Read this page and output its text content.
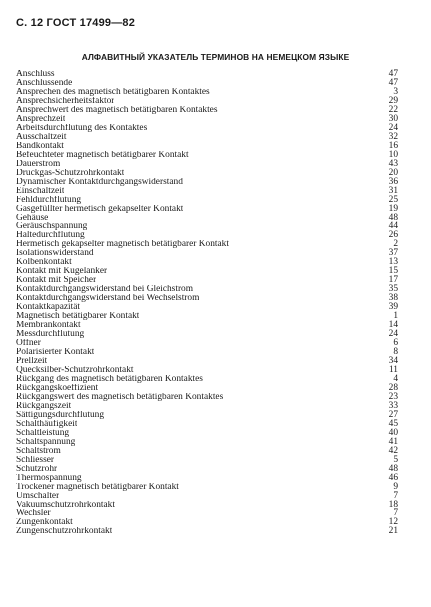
С. 12 ГОСТ 17499—82
АЛФАВИТНЫЙ УКАЗАТЕЛЬ ТЕРМИНОВ НА НЕМЕЦКОМ ЯЗЫКЕ
Anschluss	47
Anschlussende	47
Ansprechen des magnetisch betätigbaren Kontaktes	3
Ansprechsicherheitsfaktor	29
Ansprechwert des magnetisch betätigbaren Kontaktes	22
Ansprechzeit	30
Arbeitsdurchflutung des Kontaktes	24
Ausschaltzeit	32
Bandkontakt	16
Befeuchteter magnetisch betätigbarer Kontakt	10
Dauerstrom	43
Druckgas-Schutzrohrkontakt	20
Dynamischer Kontaktdurchgangswiderstand	36
Einschaltzeit	31
Fehldurchflutung	25
Gasgefüllter hermetisch gekapselter Kontakt	19
Gehäuse	48
Geräuschspannung	44
Haltedurchflutung	26
Hermetisch gekapselter magnetisch betätigbarer Kontakt	2
Isolationswiderstand	37
Kolbenkontakt	13
Kontakt mit Kugelanker	15
Kontakt mit Speicher	17
Kontaktdurchgangswiderstand bei Gleichstrom	35
Kontaktdurchgangswiderstand bei Wechselstrom	38
Kontaktkapazität	39
Magnetisch betätigbarer Kontakt	1
Membrankontakt	14
Messdurchflutung	24
Offner	6
Polarisierter Kontakt	8
Prellzeit	34
Quecksilber-Schutzrohrkontakt	11
Rückgang des magnetisch betätigbaren Kontaktes	4
Rückgangskoeffizient	28
Rückgangswert des magnetisch betätigbaren Kontaktes	23
Rückgangszeit	33
Sättigungsdurchflutung	27
Schalthäufigkeit	45
Schaltleistung	40
Schaltspannung	41
Schaltstrom	42
Schliesser	5
Schutzrohr	48
Thermospannung	46
Trockener magnetisch betätigbarer Kontakt	9
Umschalter	7
Vakuumschutzrohrkontakt	18
Wechsler	7
Zungenkontakt	12
Zungenschutzrohrkontakt	21
